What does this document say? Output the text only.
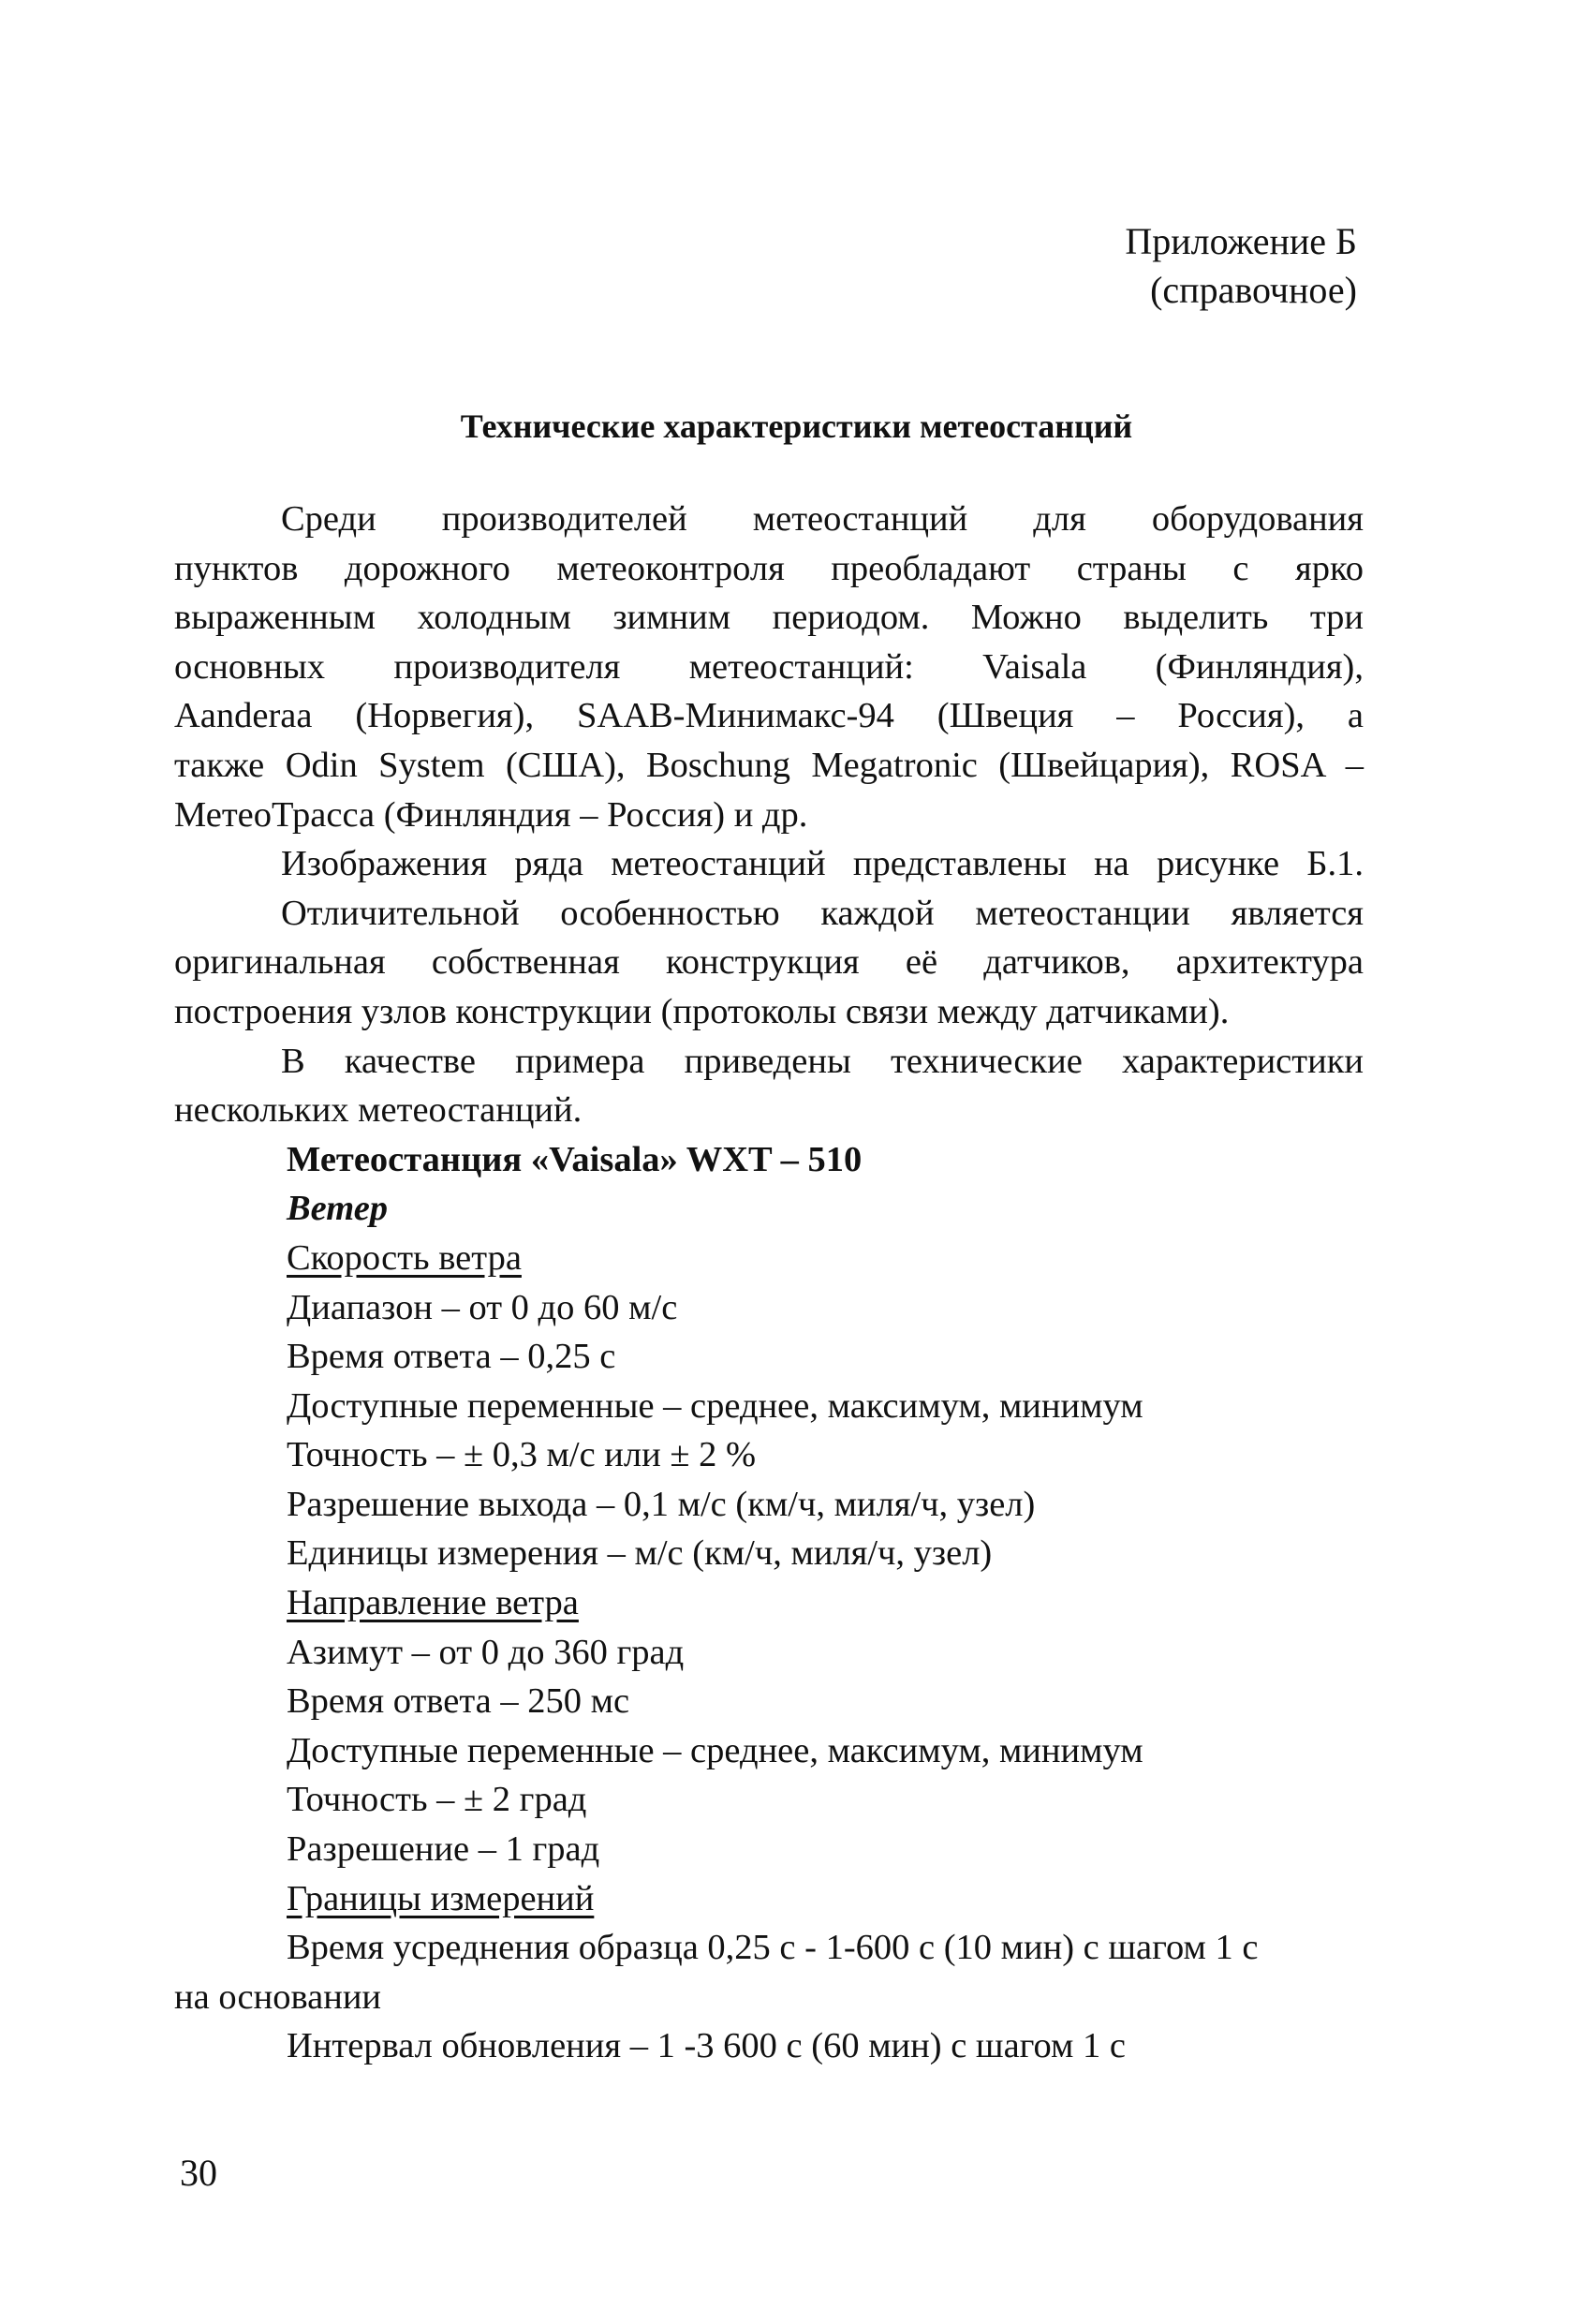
Приложение Б
(справочное)
Технические характеристики метеостанций

Среди производителей метеостанций для оборудования

пунктов дорожного метеоконтроля преобладают страны с ярко

выраженным холодным зимним периодом. Можно выделить три

основных производителя метеостанций: Vaisala (Финляндия),

Aanderaa (Норвегия), SAAB-Минимакс-94 (Швеция – Россия), а

также Odin System (США), Boschung Megatronic (Швейцария), ROSA –

МетеоТрасса (Финляндия – Россия) и др.

Изображения ряда метеостанций представлены на рисунке Б.1.

Отличительной особенностью каждой метеостанции является

оригинальная собственная конструкция её датчиков, архитектура

построения узлов конструкции (протоколы связи между датчиками).

В качестве примера приведены технические характеристики

нескольких метеостанций.

Метеостанция «Vaisala» WXT – 510

Ветер

Скорость ветра

Диапазон – от 0 до 60 м/с

Время ответа – 0,25 с

Доступные переменные – среднее, максимум, минимум

Точность – ± 0,3 м/с или ± 2 %

Разрешение выхода – 0,1 м/с (км/ч, миля/ч, узел)

Единицы измерения – м/с (км/ч, миля/ч, узел)

Направление ветра

Азимут – от 0 до 360 град

Время ответа – 250 мс

Доступные переменные – среднее, максимум, минимум

Точность – ± 2 град

Разрешение – 1 град

Границы измерений

Время усреднения образца 0,25 с - 1-600 с (10 мин) с шагом 1 с

на основании

Интервал обновления – 1 -3 600 с (60 мин) с шагом 1 с

30
